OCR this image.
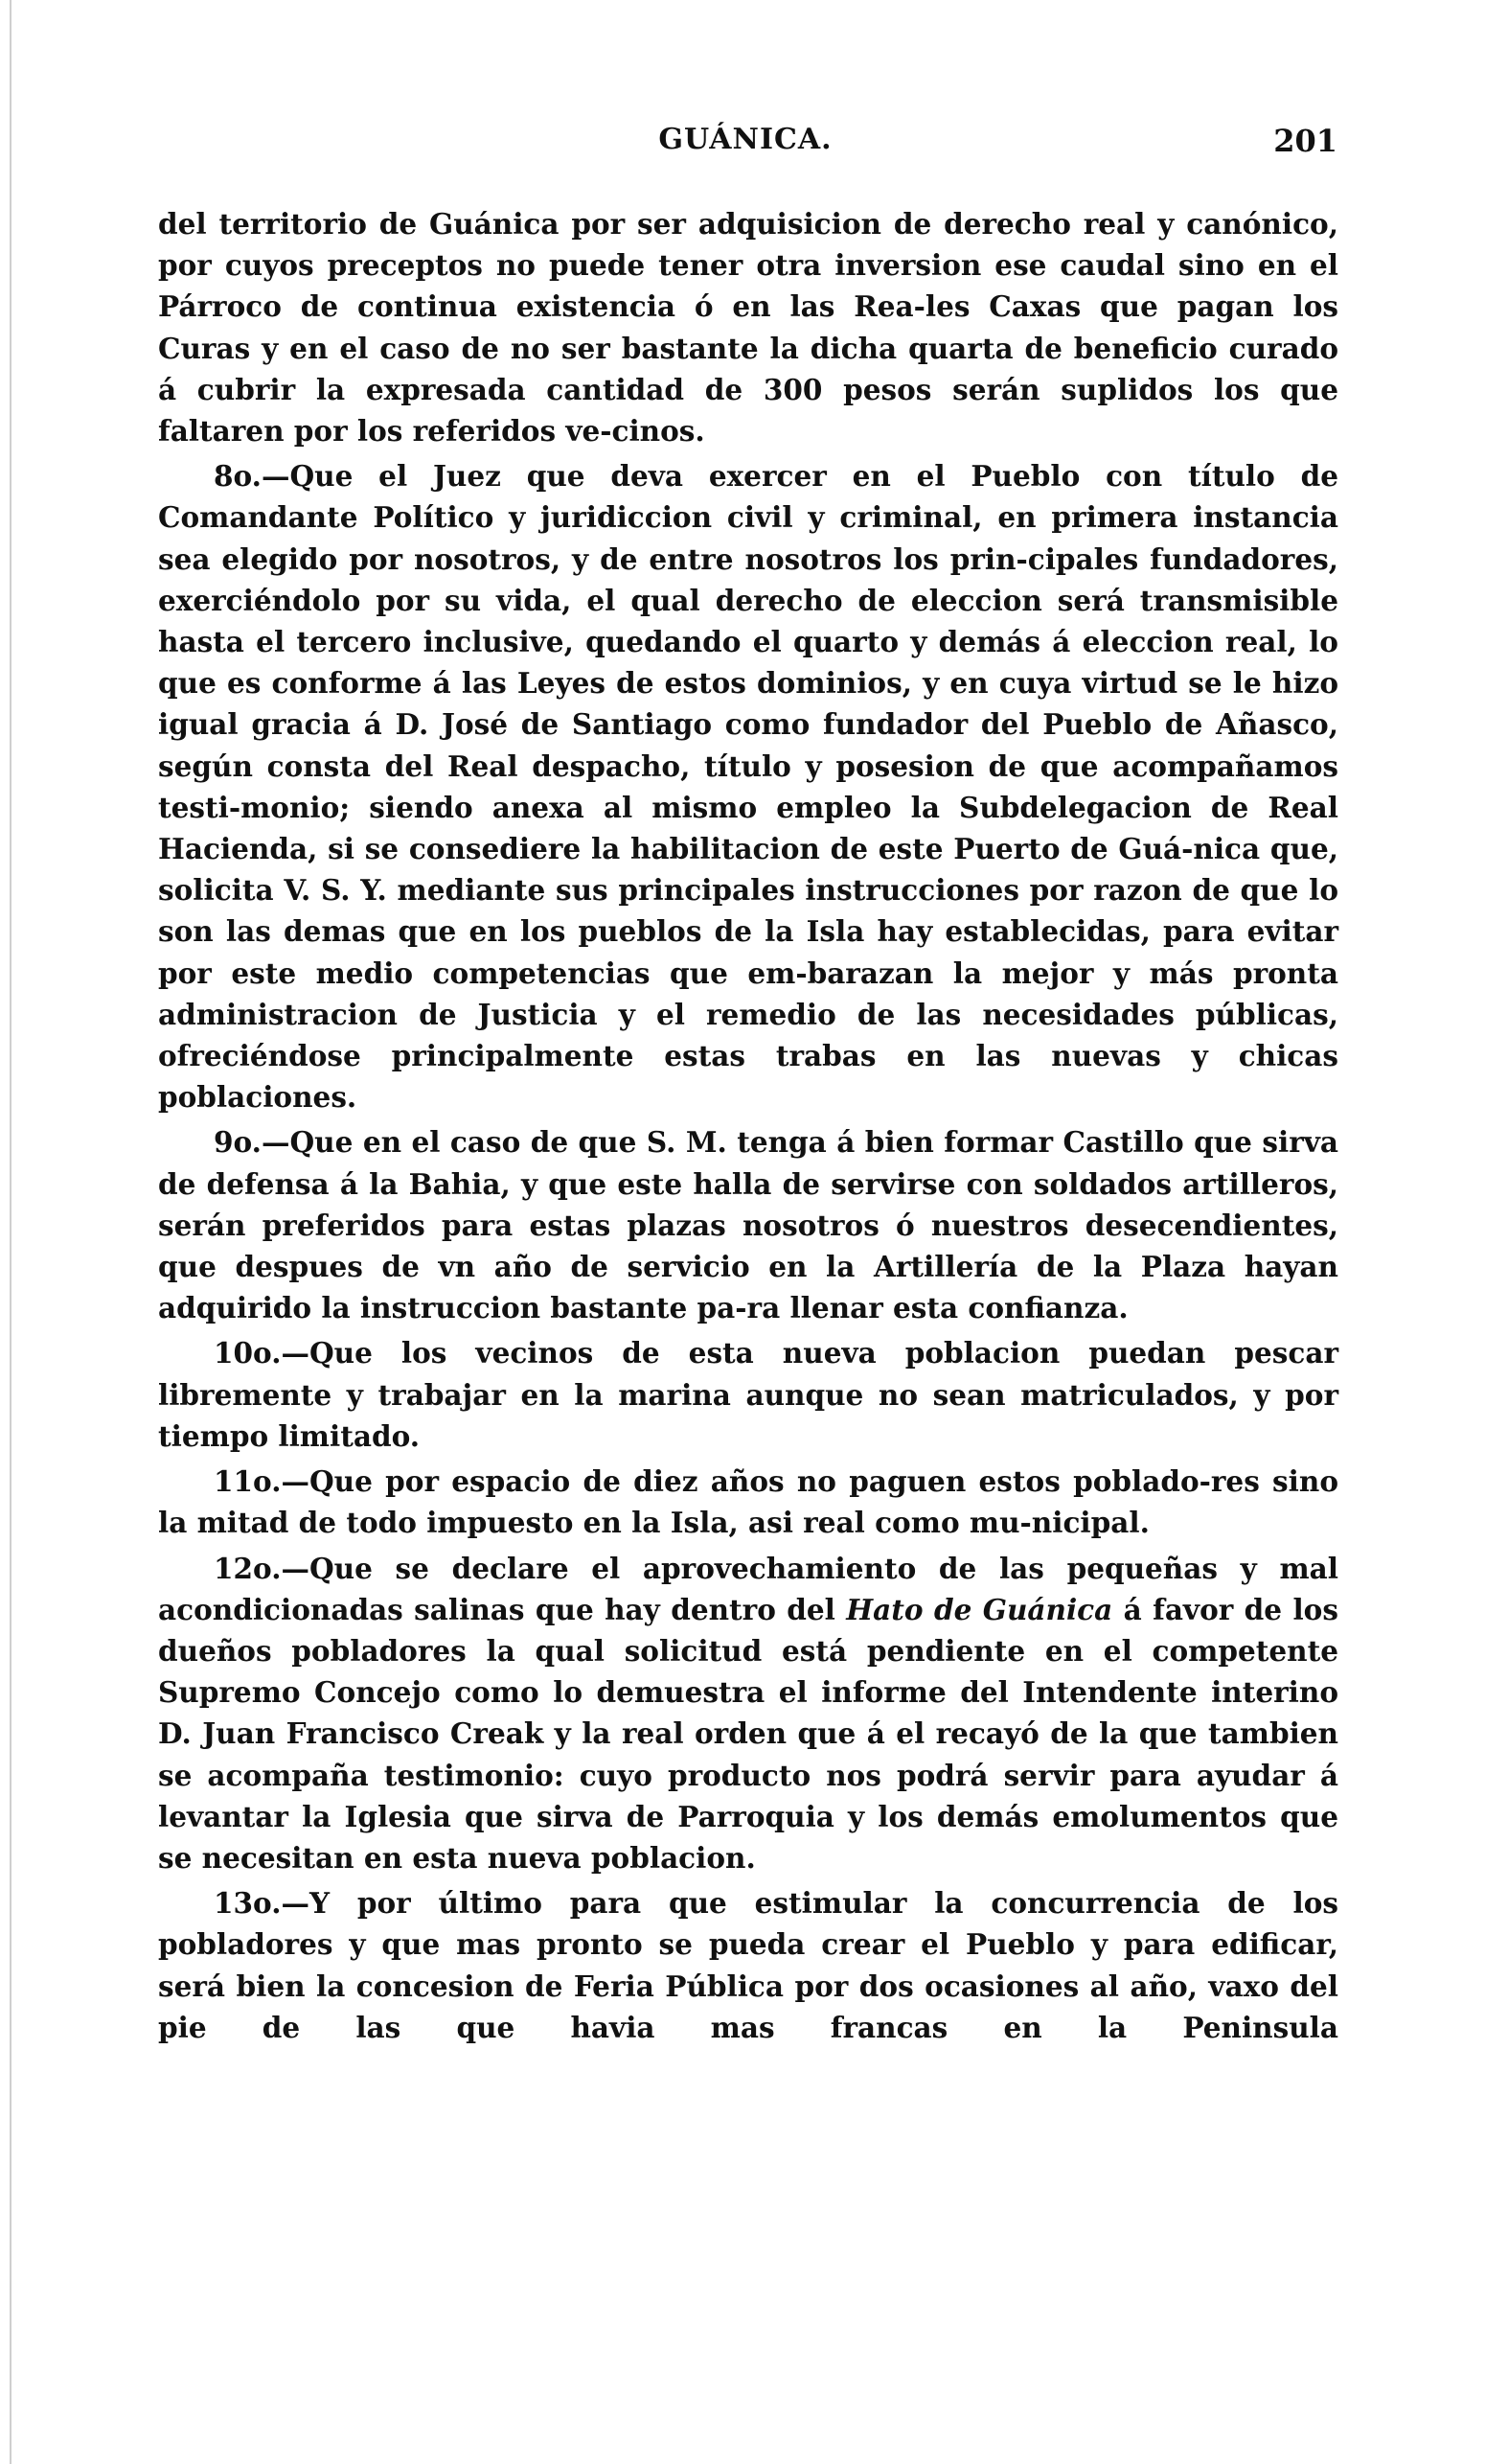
GUÁNICA.	201

del territorio de Guánica por ser adquisicion de derecho real y canónico, por cuyos preceptos no puede tener otra inversion ese caudal sino en el Párroco de continua existencia ó en las Rea-les Caxas que pagan los Curas y en el caso de no ser bastante la dicha quarta de beneficio curado á cubrir la expresada cantidad de 300 pesos serán suplidos los que faltaren por los referidos ve-cinos.

8o.—Que el Juez que deva exercer en el Pueblo con título de Comandante Político y juridiccion civil y criminal, en primera instancia sea elegido por nosotros, y de entre nosotros los prin-cipales fundadores, exerciéndolo por su vida, el qual derecho de eleccion será transmisible hasta el tercero inclusive, quedando el quarto y demás á eleccion real, lo que es conforme á las Leyes de estos dominios, y en cuya virtud se le hizo igual gracia á D. José de Santiago como fundador del Pueblo de Añasco, según consta del Real despacho, título y posesion de que acompañamos testi-monio; siendo anexa al mismo empleo la Subdelegacion de Real Hacienda, si se consediere la habilitacion de este Puerto de Guá-nica que, solicita V. S. Y. mediante sus principales instrucciones por razon de que lo son las demas que en los pueblos de la Isla hay establecidas, para evitar por este medio competencias que em-barazan la mejor y más pronta administracion de Justicia y el remedio de las necesidades públicas, ofreciéndose principalmente estas trabas en las nuevas y chicas poblaciones.

9o.—Que en el caso de que S. M. tenga á bien formar Castillo que sirva de defensa á la Bahia, y que este halla de servirse con soldados artilleros, serán preferidos para estas plazas nosotros ó nuestros desecendientes, que despues de vn año de servicio en la Artillería de la Plaza hayan adquirido la instruccion bastante pa-ra llenar esta confianza.

10o.—Que los vecinos de esta nueva poblacion puedan pescar libremente y trabajar en la marina aunque no sean matriculados, y por tiempo limitado.

11o.—Que por espacio de diez años no paguen estos poblado-res sino la mitad de todo impuesto en la Isla, asi real como mu-nicipal.

12o.—Que se declare el aprovechamiento de las pequeñas y mal acondicionadas salinas que hay dentro del Hato de Guánica á favor de los dueños pobladores la qual solicitud está pendiente en el competente Supremo Concejo como lo demuestra el informe del Intendente interino D. Juan Francisco Creak y la real orden que á el recayó de la que tambien se acompaña testimonio: cuyo producto nos podrá servir para ayudar á levantar la Iglesia que sirva de Parroquia y los demás emolumentos que se necesitan en esta nueva poblacion.

13o.—Y por último para que estimular la concurrencia de los pobladores y que mas pronto se pueda crear el Pueblo y para edificar, será bien la concesion de Feria Pública por dos ocasiones al año, vaxo del pie de las que havia mas francas en la Peninsula
